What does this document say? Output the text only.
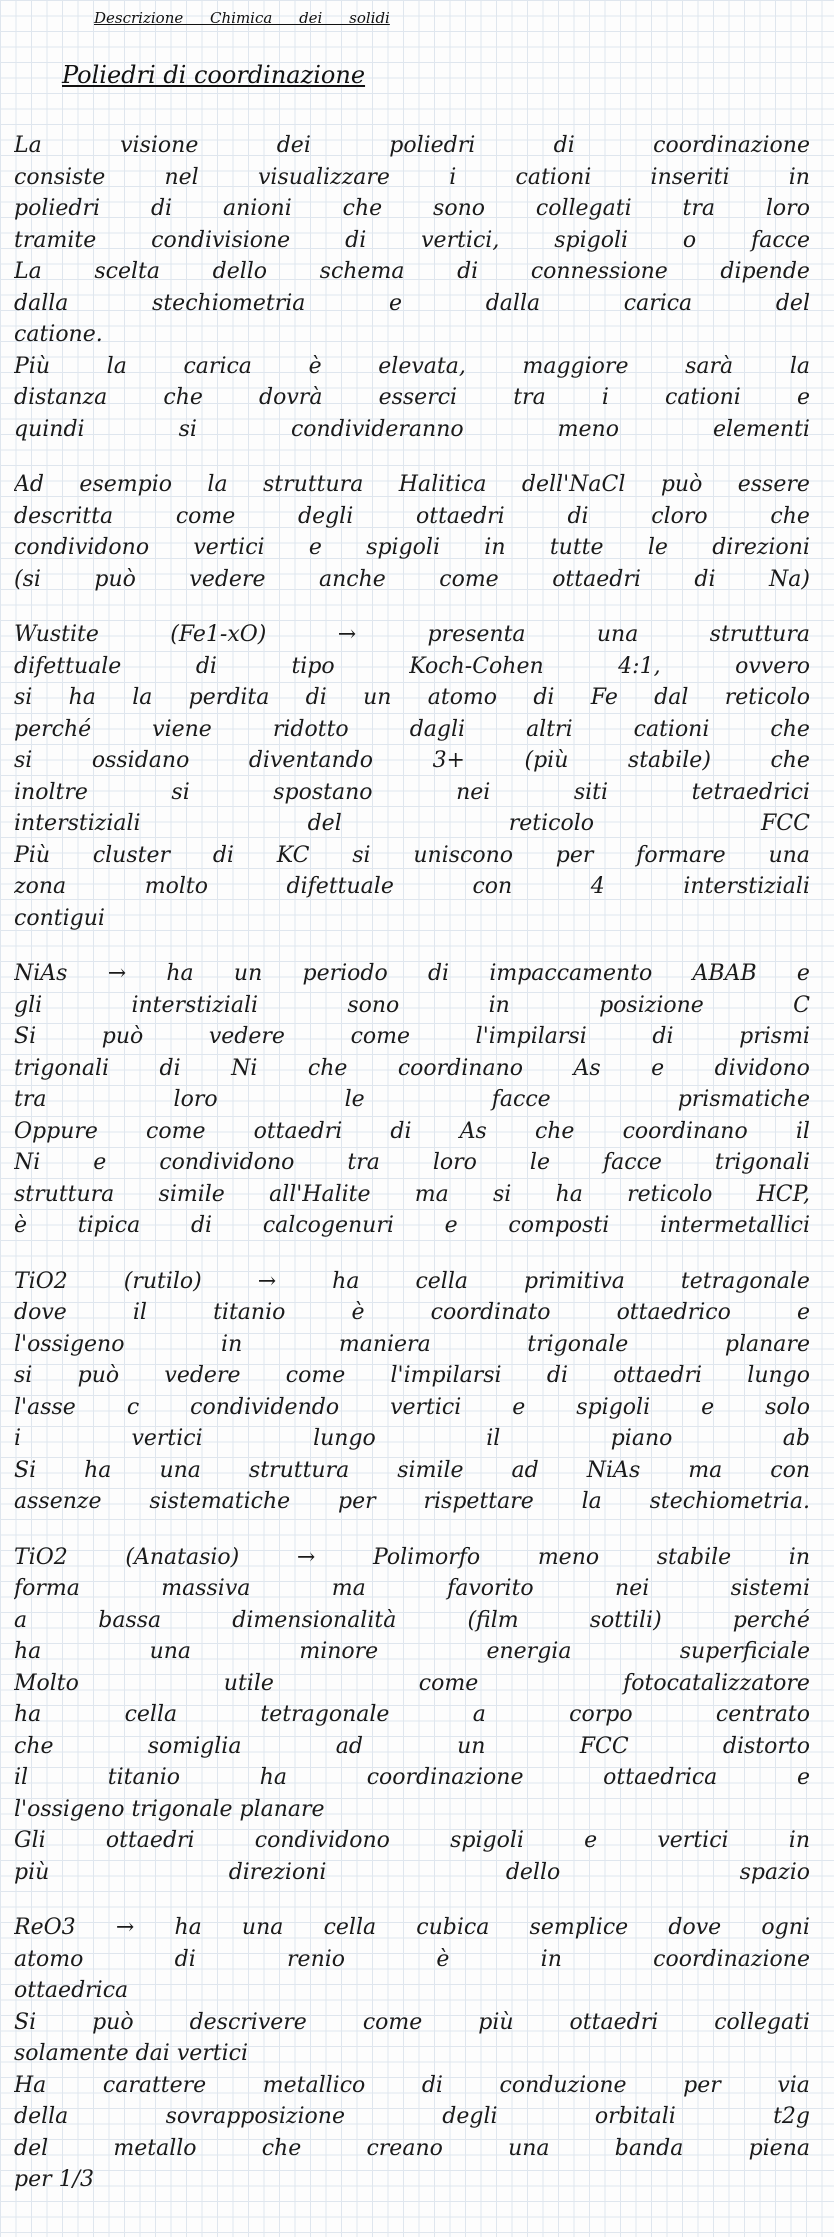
Descrizione Chimica dei solidi
Poliedri di coordinazione
La	visione	dei	poliedri	di	coordinazione
consiste	nel	visualizzare	i	cationi	inseriti	in
poliedri di anioni che sono collegati tra loro
tramite condivisione di vertici, spigoli o facce
La scelta dello schema di connessione dipende
dalla	stechiometria	e	dalla	carica	del
catione.
Più	la	carica	è	elevata,	maggiore	sarà	la
distanza	che	dovrà	esserci	tra	i	cationi	e
quindi	si	condivideranno	meno	elementi
Ad esempio la struttura Halitica dell'NaCl può essere
descritta	come	degli	ottaedri	di	cloro	che
condividono vertici e spigoli in tutte le direzioni
(si può vedere anche come ottaedri di Na)
Wustite	(Fe1-xO)	→	presenta	una	struttura
difettuale	di	tipo	Koch-Cohen	4:1,	ovvero
si ha la perdita di un atomo di Fe dal reticolo
perché	viene	ridotto	dagli	altri	cationi	che
si	ossidano	diventando	3+	(più	stabile)	che
inoltre	si	spostano	nei	siti	tetraedrici
interstiziali	del	reticolo	FCC
Più cluster di KC si uniscono per formare una
zona	molto	difettuale	con	4	interstiziali
contigui
NiAs → ha un periodo di impaccamento ABAB e
gli	interstiziali	sono	in	posizione	C
Si	può	vedere	come	l'impilarsi	di	prismi
trigonali di Ni che coordinano As e dividono
tra	loro	le	facce	prismatiche
Oppure come ottaedri di As che coordinano il
Ni e condividono tra loro le facce trigonali
struttura simile all'Halite ma si ha reticolo HCP,
è tipica di calcogenuri e composti intermetallici
TiO2	(rutilo)	→	ha	cella	primitiva	tetragonale
dove	il	titanio	è	coordinato	ottaedrico	e
l'ossigeno	in	maniera	trigonale	planare
si può vedere come l'impilarsi di ottaedri lungo
l'asse c condividendo vertici e spigoli e solo
i	vertici	lungo	il	piano	ab
Si ha una struttura simile ad NiAs ma con
assenze sistematiche per rispettare la stechiometria.
TiO2	(Anatasio)	→	Polimorfo	meno	stabile	in
forma	massiva	ma	favorito	nei	sistemi
a	bassa	dimensionalità	(film	sottili)	perché
ha	una	minore	energia	superficiale
Molto	utile	come	fotocatalizzatore
ha	cella	tetragonale	a	corpo	centrato
che	somiglia	ad	un	FCC	distorto
il	titanio	ha	coordinazione	ottaedrica	e
l'ossigeno trigonale planare
Gli	ottaedri	condividono	spigoli	e	vertici	in
più	direzioni	dello	spazio
ReO3 → ha una cella cubica semplice dove ogni
atomo	di	renio	è	in	coordinazione
ottaedrica
Si	può	descrivere	come	più	ottaedri	collegati
solamente dai vertici
Ha	carattere	metallico	di	conduzione	per	via
della	sovrapposizione	degli	orbitali	t2g
del	metallo	che	creano	una	banda	piena
per 1/3
